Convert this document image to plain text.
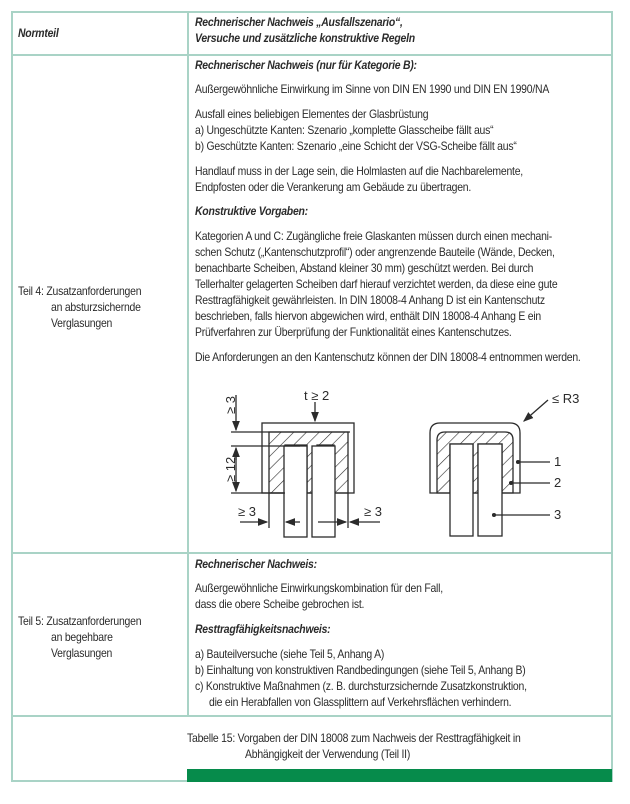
Normteil
Rechnerischer Nachweis „Ausfallszenario“,
Versuche und zusätzliche konstruktive Regeln
Teil 4: Zusatzanforderungen
an absturzsichernde
Verglasungen
Rechnerischer Nachweis (nur für Kategorie B):
Außergewöhnliche Einwirkung im Sinne von DIN EN 1990 und DIN EN 1990/NA
Ausfall eines beliebigen Elementes der Glasbrüstung
a) Ungeschützte Kanten: Szenario „komplette Glasscheibe fällt aus“
b) Geschützte Kanten: Szenario „eine Schicht der VSG-Scheibe fällt aus“
Handlauf muss in der Lage sein, die Holmlasten auf die Nachbarelemente,
Endpfosten oder die Verankerung am Gebäude zu übertragen.
Konstruktive Vorgaben:
Kategorien A und C: Zugängliche freie Glaskanten müssen durch einen mechani-
schen Schutz („Kantenschutzprofil“) oder angrenzende Bauteile (Wände, Decken,
benachbarte Scheiben, Abstand kleiner 30 mm) geschützt werden. Bei durch
Tellerhalter gelagerten Scheiben darf hierauf verzichtet werden, da diese eine gute
Resttragfähigkeit gewährleisten. In DIN 18008-4 Anhang D ist ein Kantenschutz
beschrieben, falls hiervon abgewichen wird, enthält DIN 18008-4 Anhang E ein
Prüfverfahren zur Überprüfung der Funktionalität eines Kantenschutzes.
Die Anforderungen an den Kantenschutz können der DIN 18008-4 entnommen werden.
≥ 3
t ≥ 2
≥ 12
≥ 3	≥ 3
≤ R3
1
2
3
Teil 5: Zusatzanforderungen
an begehbare
Verglasungen
Rechnerischer Nachweis:
Außergewöhnliche Einwirkungskombination für den Fall,
dass die obere Scheibe gebrochen ist.
Resttragfähigkeitsnachweis:
a) Bauteilversuche (siehe Teil 5, Anhang A)
b) Einhaltung von konstruktiven Randbedingungen (siehe Teil 5, Anhang B)
c) Konstruktive Maßnahmen (z. B. durchsturzsichernde Zusatzkonstruktion,
die ein Herabfallen von Glassplittern auf Verkehrsflächen verhindern.
Tabelle 15: Vorgaben der DIN 18008 zum Nachweis der Resttragfähigkeit in
Abhängigkeit der Verwendung (Teil II)
